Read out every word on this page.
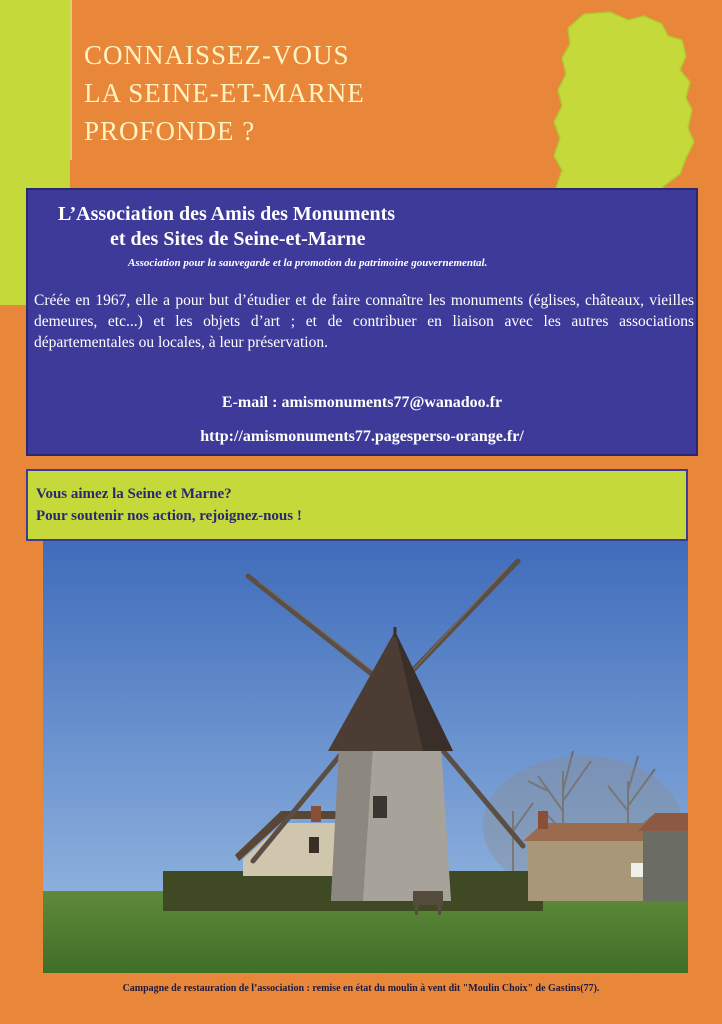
CONNAISSEZ-VOUS
LA SEINE-ET-MARNE
PROFONDE ?
L’Association des Amis des Monuments
et des Sites de Seine-et-Marne

Association pour la sauvegarde et la promotion du patrimoine gouvernemental.

Créée en 1967, elle a pour but d’étudier et de faire connaître les monuments (églises, châteaux, vieilles demeures, etc...) et les objets d’art ; et de contribuer en liaison avec les autres associations départementales ou locales, à leur préservation.

E-mail : amismonuments77@wanadoo.fr

http://amismonuments77.pagesperso-orange.fr/

Vous aimez la Seine et Marne?

Pour soutenir nos action, rejoignez-nous !

Campagne de restauration de l’association : remise en état du moulin à vent dit "Moulin Choix" de Gastins(77).
